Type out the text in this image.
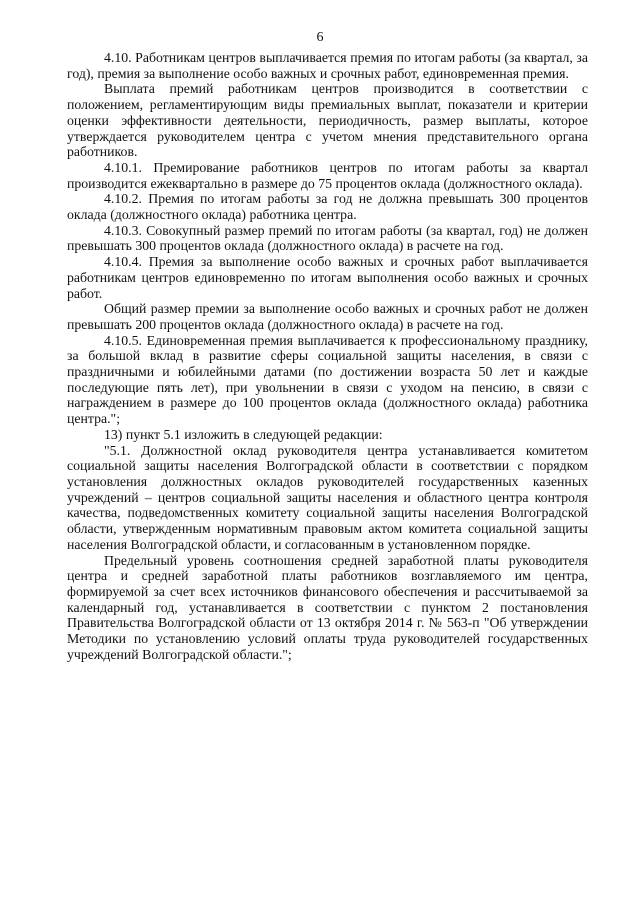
6

4.10. Работникам центров выплачивается премия по итогам работы (за квартал, за год), премия за выполнение особо важных и срочных работ, единовременная премия.

Выплата премий работникам центров производится в соответствии с положением, регламентирующим виды премиальных выплат, показатели и критерии оценки эффективности деятельности, периодичность, размер выплаты, которое утверждается руководителем центра с учетом мнения представительного органа работников.

4.10.1. Премирование работников центров по итогам работы за квартал производится ежеквартально в размере до 75 процентов оклада (должностного оклада).

4.10.2. Премия по итогам работы за год не должна превышать 300 процентов оклада (должностного оклада) работника центра.

4.10.3. Совокупный размер премий по итогам работы (за квартал, год) не должен превышать 300 процентов оклада (должностного оклада) в расчете на год.

4.10.4. Премия за выполнение особо важных и срочных работ выплачивается работникам центров единовременно по итогам выполнения особо важных и срочных работ.

Общий размер премии за выполнение особо важных и срочных работ не должен превышать 200 процентов оклада (должностного оклада) в расчете на год.

4.10.5. Единовременная премия выплачивается к профессиональному празднику, за большой вклад в развитие сферы социальной защиты населения, в связи с праздничными и юбилейными датами (по достижении возраста 50 лет и каждые последующие пять лет), при увольнении в связи с уходом на пенсию, в связи с награждением в размере до 100 процентов оклада (должностного оклада) работника центра.";

13) пункт 5.1 изложить в следующей редакции:

"5.1. Должностной оклад руководителя центра устанавливается комитетом социальной защиты населения Волгоградской области в соответствии с порядком установления должностных окладов руководителей государственных казенных учреждений – центров социальной защиты населения и областного центра контроля качества, подведомственных комитету социальной защиты населения Волгоградской области, утвержденным нормативным правовым актом комитета социальной защиты населения Волгоградской области, и согласованным в установленном порядке.

Предельный уровень соотношения средней заработной платы руководителя центра и средней заработной платы работников возглавляемого им центра, формируемой за счет всех источников финансового обеспечения и рассчитываемой за календарный год, устанавливается в соответствии с пунктом 2 постановления Правительства Волгоградской области от 13 октября 2014 г. № 563-п "Об утверждении Методики по установлению условий оплаты труда руководителей государственных учреждений Волгоградской области.";
